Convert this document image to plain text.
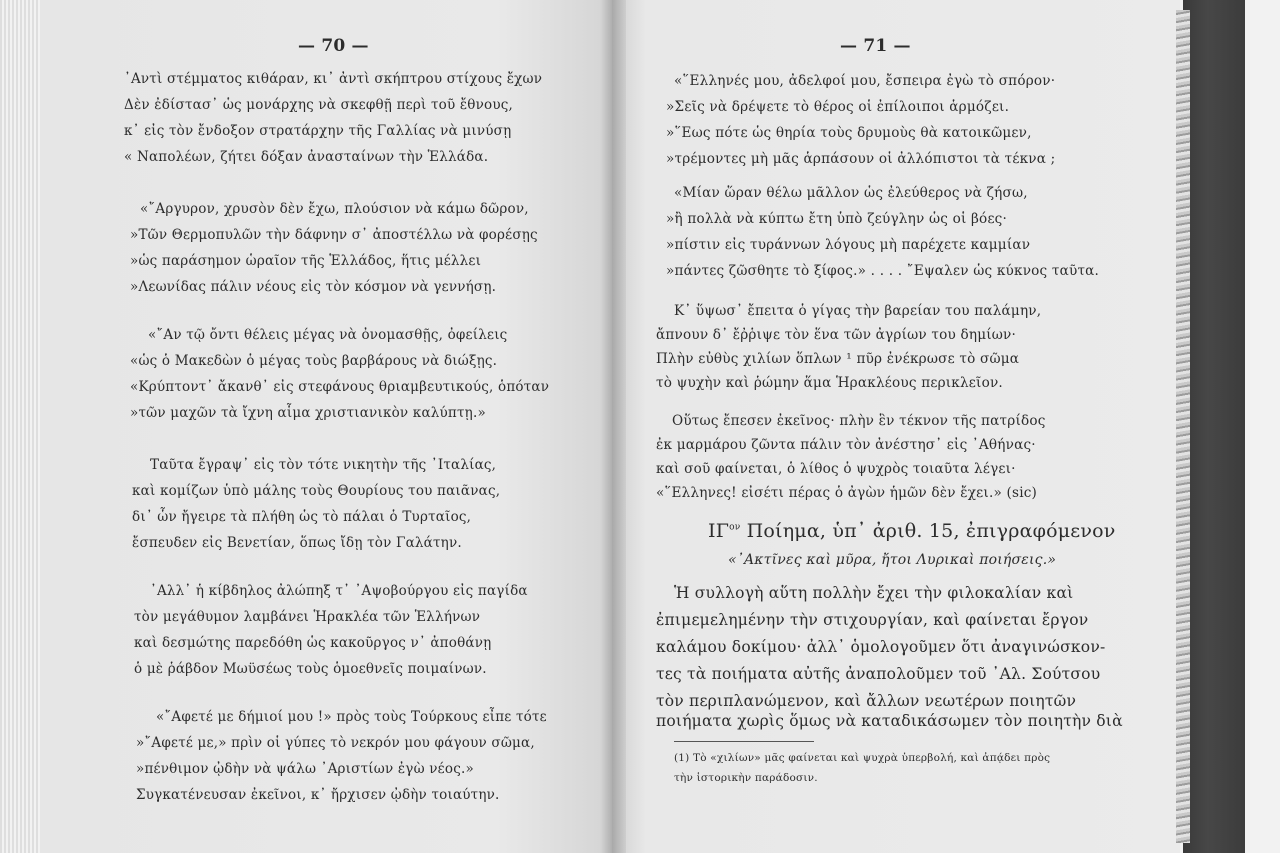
— 70 —
᾿Αντὶ στέμματος κιθάραν, κι᾿ ἀντὶ σκήπτρου στίχους ἔχων
Δὲν ἐδίστασ᾿ ὡς μονάρχης νὰ σκεφθῇ περὶ τοῦ ἔθνους,
κ᾿ εἰς τὸν ἔνδοξον στρατάρχην τῆς Γαλλίας νὰ μινύσῃ
« Ναπολέων, ζήτει δόξαν ἀνασταίνων τὴν Ἑλλάδα.
«῎Αργυρον, χρυσὸν δὲν ἔχω, πλούσιον νὰ κάμω δῶρον,
»Τῶν Θερμοπυλῶν τὴν δάφνην σ᾿ ἀποστέλλω νὰ φορέσῃς
»ὡς παράσημον ὡραῖον τῆς Ἑλλάδος, ἥτις μέλλει
»Λεωνίδας πάλιν νέους εἰς τὸν κόσμον νὰ γεννήσῃ.
«῎Αν τῷ ὄντι θέλεις μέγας νὰ ὀνομασθῇς, ὀφείλεις
«ὡς ὁ Μακεδὼν ὁ μέγας τοὺς βαρβάρους νὰ διώξῃς.
«Κρύπτοντ᾿ ἄκανθ᾿ εἰς στεφάνους θριαμβευτικούς, ὁπόταν
»τῶν μαχῶν τὰ ἴχνη αἷμα χριστιανικὸν καλύπτῃ.»
Ταῦτα ἔγραψ᾿ εἰς τὸν τότε νικητὴν τῆς ᾿Ιταλίας,
καὶ κομίζων ὑπὸ μάλης τοὺς Θουρίους του παιᾶνας,
δι᾿ ὧν ἤγειρε τὰ πλήθη ὡς τὸ πάλαι ὁ Τυρταῖος,
ἔσπευδεν εἰς Βενετίαν, ὅπως ἴδῃ τὸν Γαλάτην.
᾿Αλλ᾿ ἡ κίβδηλος ἀλώπηξ τ᾿ ᾿Αψοβούργου εἰς παγίδα
τὸν μεγάθυμον λαμβάνει Ἡρακλέα τῶν Ἑλλήνων
καὶ δεσμώτης παρεδόθη ὡς κακοῦργος ν᾿ ἀποθάνῃ
ὁ μὲ ῥάβδον Μωϋσέως τοὺς ὁμοεθνεῖς ποιμαίνων.
«῎Αφετέ με δήμιοί μου !» πρὸς τοὺς Τούρκους εἶπε τότε
»῎Αφετέ με,» πρὶν οἱ γύπες τὸ νεκρόν μου φάγουν σῶμα,
»πένθιμον ᾠδὴν νὰ ψάλω ᾿Αριστίων ἐγὼ νέος.»
Συγκατένευσαν ἐκεῖνοι, κ᾿ ἤρχισεν ᾠδὴν τοιαύτην.
— 71 —
«῞Ελληνές μου, ἀδελφοί μου, ἔσπειρα ἐγὼ τὸ σπόρον·
»Σεῖς νὰ δρέψετε τὸ θέρος οἱ ἐπίλοιποι ἁρμόζει.
»῞Εως πότε ὡς θηρία τοὺς δρυμοὺς θὰ κατοικῶμεν,
»τρέμοντες μὴ μᾶς ἁρπάσουν οἱ ἀλλόπιστοι τὰ τέκνα ;
«Μίαν ὥραν θέλω μᾶλλον ὡς ἐλεύθερος νὰ ζήσω,
»ἢ πολλὰ νὰ κύπτω ἔτη ὑπὸ ζεύγλην ὡς οἱ βόες·
»πίστιν εἰς τυράννων λόγους μὴ παρέχετε καμμίαν
»πάντες ζῶσθητε τὸ ξίφος.» . . . . ῎Εψαλεν ὡς κύκνος ταῦτα.
Κ᾿ ὕψωσ᾿ ἔπειτα ὁ γίγας τὴν βαρείαν του παλάμην,
ἄπνουν δ᾿ ἔῤῥιψε τὸν ἕνα τῶν ἀγρίων του δημίων·
Πλὴν εὐθὺς χιλίων ὅπλων ¹ πῦρ ἐνέκρωσε τὸ σῶμα
τὸ ψυχὴν καὶ ῥώμην ἅμα Ἡρακλέους περικλεῖον.
Οὕτως ἔπεσεν ἐκεῖνος· πλὴν ἓν τέκνον τῆς πατρίδος
ἐκ μαρμάρου ζῶντα πάλιν τὸν ἀνέστησ᾿ εἰς ᾿Αθήνας·
καὶ σοῦ φαίνεται, ὁ λίθος ὁ ψυχρὸς τοιαῦτα λέγει·
«῞Ελληνες! εἰσέτι πέρας ὁ ἀγὼν ἡμῶν δὲν ἔχει.» (sic)
$I\Gamma^{o\nu}$ Ποίημα, ὑπ᾿ ἀριθ. 15, ἐπιγραφόμενον
«᾿Ακτῖνες καὶ μῦρα, ἤτοι Λυρικαὶ ποιήσεις.»
Ἡ συλλογὴ αὕτη πολλὴν ἔχει τὴν φιλοκαλίαν καὶ
ἐπιμεμελημένην τὴν στιχουργίαν, καὶ φαίνεται ἔργον
καλάμου δοκίμου· ἀλλ᾿ ὁμολογοῦμεν ὅτι ἀναγινώσκον-
τες τὰ ποιήματα αὐτῆς ἀναπολοῦμεν τοῦ ᾿Αλ. Σούτσου
τὸν περιπλανώμενον, καὶ ἄλλων νεωτέρων ποιητῶν
ποιήματα χωρὶς ὅμως νὰ καταδικάσωμεν τὸν ποιητὴν διὰ
(1) Τὸ «χιλίων» μᾶς φαίνεται καὶ ψυχρὰ ὑπερβολή, καὶ ἀπᾴδει πρὸς
τὴν ἱστορικὴν παράδοσιν.
